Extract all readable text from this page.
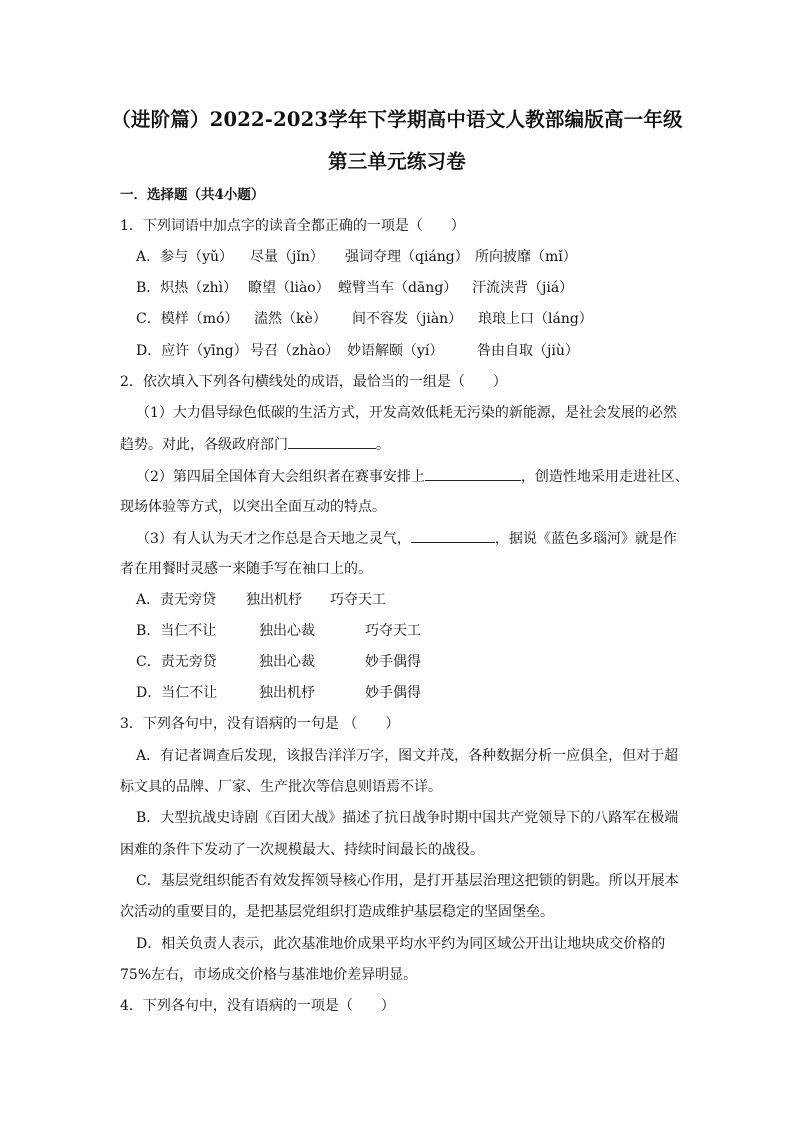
（进阶篇）2022-2023学年下学期高中语文人教部编版高一年级
第三单元练习卷
一．选择题（共4小题）
1．下列词语中加点字的读音全都正确的一项是（　　）
A．参与（yǔ） 尽量（jǐn） 强词夺理（qiáng） 所向披靡（mǐ）
B．炽热（zhì） 瞭望（liào） 螳臂当车（dāng） 汗流浃背（jiá）
C．模样（mó） 溘然（kè） 间不容发（jiàn） 琅琅上口（láng）
D．应许（yīng） 号召（zhào） 妙语解颐（yí） 咎由自取（jiù）
2．依次填入下列各句横线处的成语，最恰当的一组是（　　）
（1）大力倡导绿色低碳的生活方式，开发高效低耗无污染的新能源，是社会发展的必然
趋势。对此，各级政府部门	。
（2）第四届全国体育大会组织者在赛事安排上	，创造性地采用走进社区、
现场体验等方式，以突出全面互动的特点。
（3）有人认为天才之作总是合天地之灵气，	，据说《蓝色多瑙河》就是作
者在用餐时灵感一来随手写在袖口上的。
A．责无旁贷 独出机杼 巧夺天工
B．当仁不让	独出心裁	巧夺天工
C．责无旁贷	独出心裁	妙手偶得
D．当仁不让	独出机杼	妙手偶得
3．下列各句中，没有语病的一句是 （　　）
A．有记者调查后发现，该报告洋洋万字，图文并茂，各种数据分析一应俱全，但对于超
标文具的品牌、厂家、生产批次等信息则语焉不详。
B．大型抗战史诗剧《百团大战》描述了抗日战争时期中国共产党领导下的八路军在极端
困难的条件下发动了一次规模最大、持续时间最长的战役。
C．基层党组织能否有效发挥领导核心作用，是打开基层治理这把锁的钥匙。所以开展本
次活动的重要目的，是把基层党组织打造成维护基层稳定的坚固堡垒。
D．相关负责人表示，此次基准地价成果平均水平约为同区域公开出让地块成交价格的
75%左右，市场成交价格与基准地价差异明显。
4．下列各句中，没有语病的一项是（　　）
